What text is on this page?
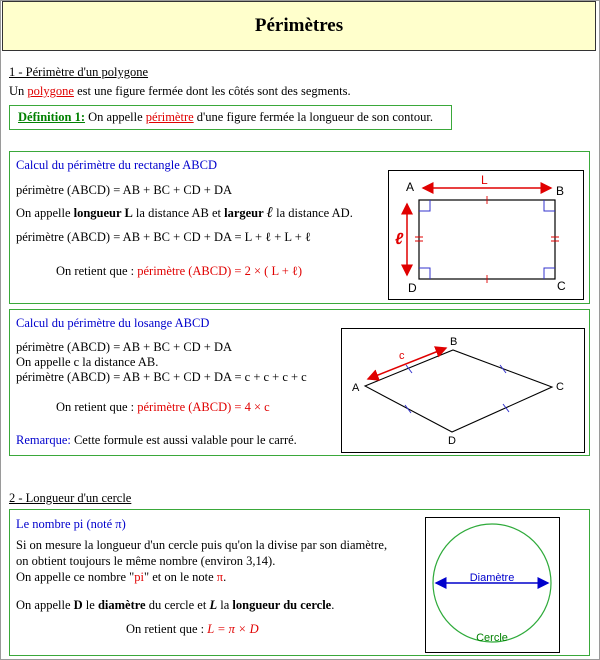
Périmètres
1 - Périmètre d'un polygone
Un polygone est une figure fermée dont les côtés sont des segments.
Définition 1: On appelle périmètre d'une figure fermée la longueur de son contour.
Calcul du périmètre du rectangle ABCD
périmètre (ABCD) = AB + BC + CD + DA
On appelle longueur L la distance AB et largeur ℓ la distance AD.
périmètre (ABCD) = AB + BC + CD + DA = L + ℓ + L + ℓ
On retient que : périmètre (ABCD) = 2 × ( L + ℓ)
A	B
C
D
L
ℓ
Calcul du périmètre du losange ABCD
périmètre (ABCD) = AB + BC + CD + DA
On appelle c la distance AB.
périmètre (ABCD) = AB + BC + CD + DA = c + c + c + c
On retient que : périmètre (ABCD) = 4 × c
Remarque: Cette formule est aussi valable pour le carré.
A
B
C
D
c
2 - Longueur d'un cercle
Le nombre pi (noté π)
Si on mesure la longueur d'un cercle puis qu'on la divise par son diamètre,
on obtient toujours le même nombre (environ 3,14).
On appelle ce nombre "pi" et on le note π.
On appelle D le diamètre du cercle et L la longueur du cercle.
On retient que : L = π × D
Diamètre
Cercle
